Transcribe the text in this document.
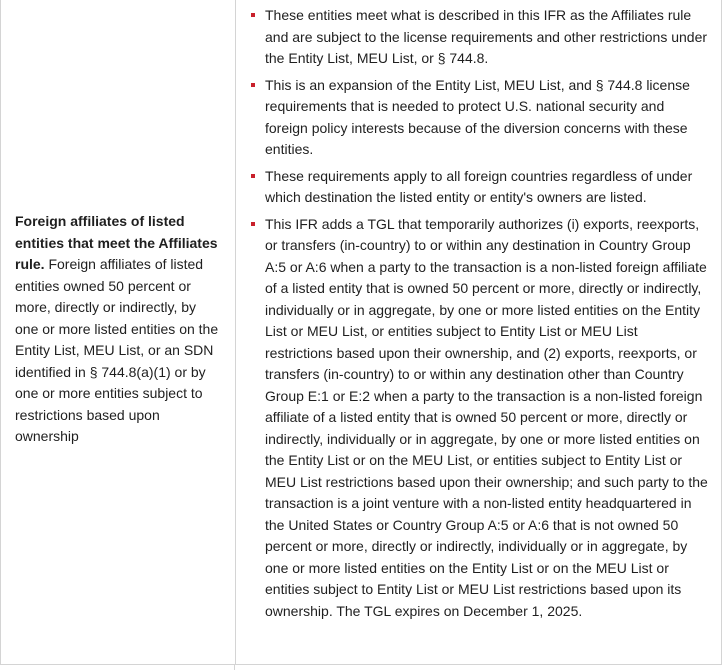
Foreign affiliates of listed entities that meet the Affiliates rule. Foreign affiliates of listed entities owned 50 percent or more, directly or indirectly, by one or more listed entities on the Entity List, MEU List, or an SDN identified in § 744.8(a)(1) or by one or more entities subject to restrictions based upon ownership
These entities meet what is described in this IFR as the Affiliates rule and are subject to the license requirements and other restrictions under the Entity List, MEU List, or § 744.8.
This is an expansion of the Entity List, MEU List, and § 744.8 license requirements that is needed to protect U.S. national security and foreign policy interests because of the diversion concerns with these entities.
These requirements apply to all foreign countries regardless of under which destination the listed entity or entity's owners are listed.
This IFR adds a TGL that temporarily authorizes (i) exports, reexports, or transfers (in-country) to or within any destination in Country Group A:5 or A:6 when a party to the transaction is a non-listed foreign affiliate of a listed entity that is owned 50 percent or more, directly or indirectly, individually or in aggregate, by one or more listed entities on the Entity List or MEU List, or entities subject to Entity List or MEU List restrictions based upon their ownership, and (2) exports, reexports, or transfers (in-country) to or within any destination other than Country Group E:1 or E:2 when a party to the transaction is a non-listed foreign affiliate of a listed entity that is owned 50 percent or more, directly or indirectly, individually or in aggregate, by one or more listed entities on the Entity List or on the MEU List, or entities subject to Entity List or MEU List restrictions based upon their ownership; and such party to the transaction is a joint venture with a non-listed entity headquartered in the United States or Country Group A:5 or A:6 that is not owned 50 percent or more, directly or indirectly, individually or in aggregate, by one or more listed entities on the Entity List or on the MEU List or entities subject to Entity List or MEU List restrictions based upon its ownership. The TGL expires on December 1, 2025.
